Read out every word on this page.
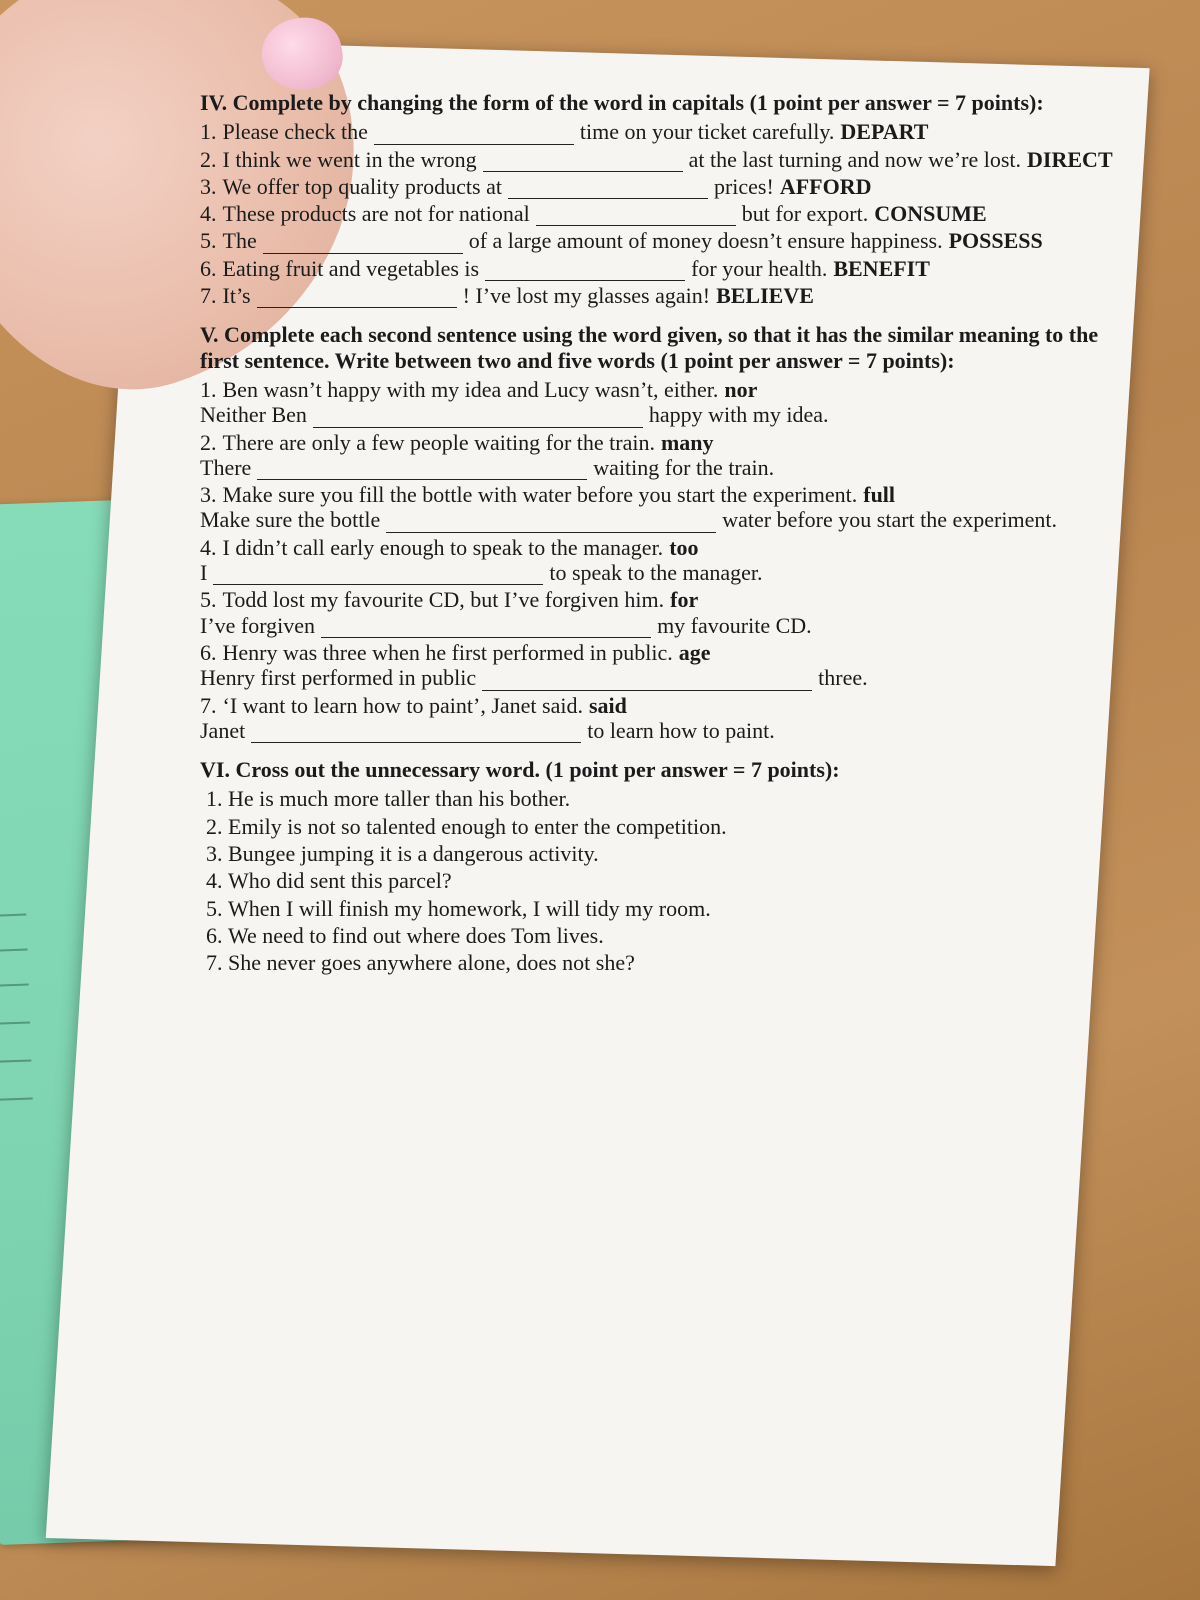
IV. Complete by changing the form of the word in capitals (1 point per answer = 7 points):
1. Please check the	time on your ticket carefully. DEPART
2. I think we went in the wrong	at the last turning and now we’re lost. DIRECT
3. We offer top quality products at	prices! AFFORD
4. These products are not for national	but for export. CONSUME
5. The	of a large amount of money doesn’t ensure happiness. POSSESS
6. Eating fruit and vegetables is	for your health. BENEFIT
7. It’s	! I’ve lost my glasses again! BELIEVE
V. Complete each second sentence using the word given, so that it has the similar meaning to the first sentence. Write between two and five words (1 point per answer = 7 points):
1. Ben wasn’t happy with my idea and Lucy wasn’t, either. nor
Neither Ben	happy with my idea.
2. There are only a few people waiting for the train. many
There	waiting for the train.
3. Make sure you fill the bottle with water before you start the experiment. full
Make sure the bottle	water before you start the experiment.
4. I didn’t call early enough to speak to the manager. too
I	to speak to the manager.
5. Todd lost my favourite CD, but I’ve forgiven him. for
I’ve forgiven	my favourite CD.
6. Henry was three when he first performed in public. age
Henry first performed in public	three.
7. ‘I want to learn how to paint’, Janet said. said
Janet	to learn how to paint.
VI. Cross out the unnecessary word. (1 point per answer = 7 points):
1. He is much more taller than his bother.
2. Emily is not so talented enough to enter the competition.
3. Bungee jumping it is a dangerous activity.
4. Who did sent this parcel?
5. When I will finish my homework, I will tidy my room.
6. We need to find out where does Tom lives.
7. She never goes anywhere alone, does not she?
